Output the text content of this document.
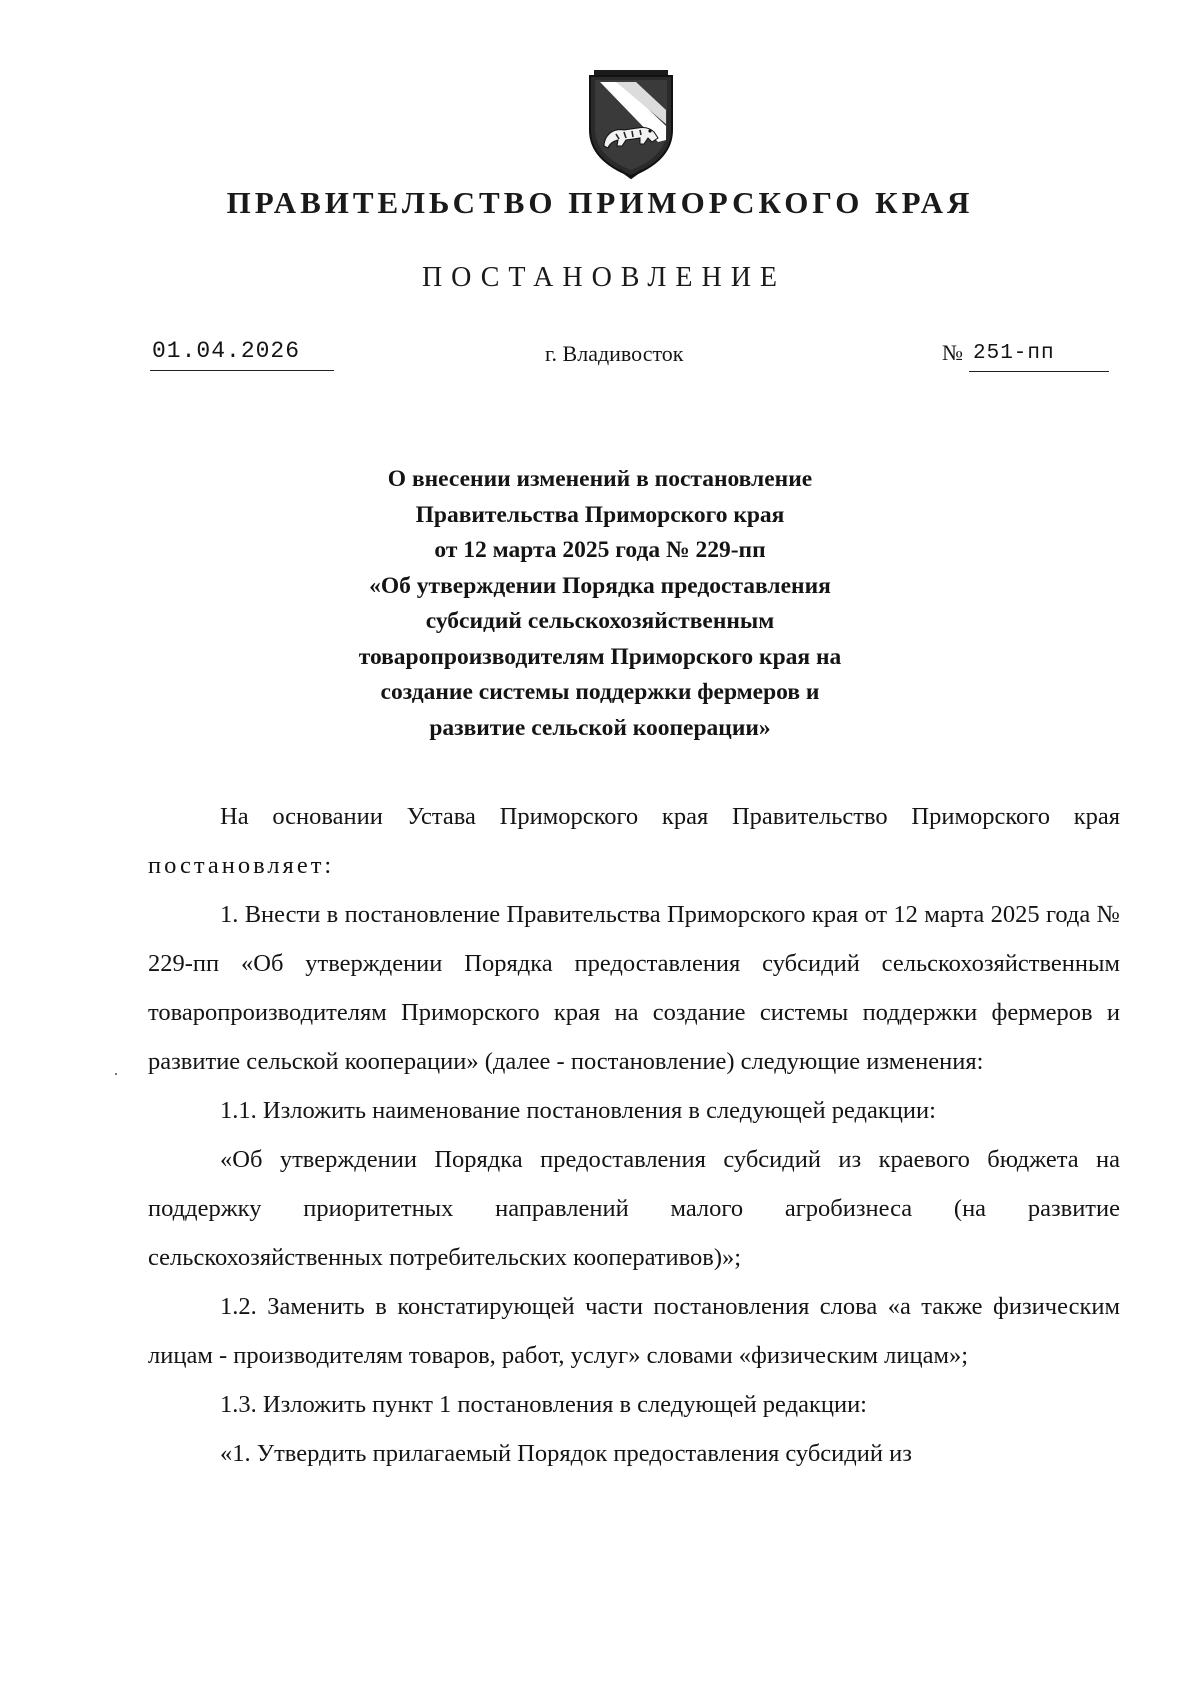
ПРАВИТЕЛЬСТВО ПРИМОРСКОГО КРАЯ
ПОСТАНОВЛЕНИЕ
01.04.2026	г. Владивосток	№ 251-пп
О внесении изменений в постановление
Правительства Приморского края
от 12 марта 2025 года № 229-пп
«Об утверждении Порядка предоставления
субсидий сельскохозяйственным
товаропроизводителям Приморского края на
создание системы поддержки фермеров и
развитие сельской кооперации»

На основании Устава Приморского края Правительство Приморского края постановляет:

1. Внести в постановление Правительства Приморского края от 12 марта 2025 года № 229-пп «Об утверждении Порядка предоставления субсидий сельскохозяйственным товаропроизводителям Приморского края на создание системы поддержки фермеров и развитие сельской кооперации» (далее - постановление) следующие изменения:

1.1. Изложить наименование постановления в следующей редакции:

«Об утверждении Порядка предоставления субсидий из краевого бюджета на поддержку приоритетных направлений малого агробизнеса (на развитие сельскохозяйственных потребительских кооперативов)»;

1.2. Заменить в констатирующей части постановления слова «а также физическим лицам - производителям товаров, работ, услуг» словами «физическим лицам»;

1.3. Изложить пункт 1 постановления в следующей редакции:

«1. Утвердить прилагаемый Порядок предоставления субсидий из
